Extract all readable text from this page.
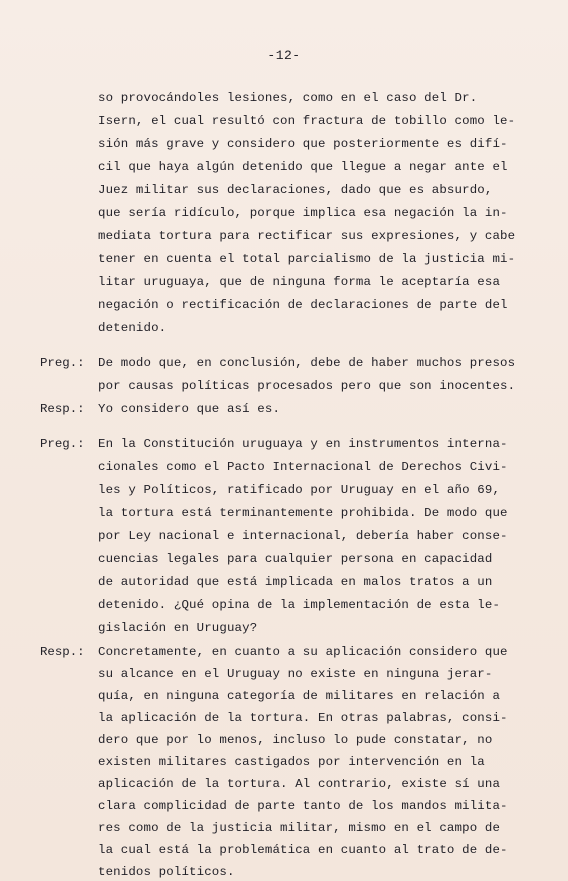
-12-
so provocándoles lesiones, como en el caso del Dr.
Isern, el cual resultó con fractura de tobillo como le-
sión más grave y considero que posteriormente es difí-
cil que haya algún detenido que llegue a negar ante el
Juez militar sus declaraciones, dado que es absurdo,
que sería ridículo, porque implica esa negación la in-
mediata tortura para rectificar sus expresiones, y cabe
tener en cuenta el total parcialismo de la justicia mi-
litar uruguaya, que de ninguna forma le aceptaría esa
negación o rectificación de declaraciones de parte del
detenido.
Preg.:	De modo que, en conclusión, debe de haber muchos presos
por causas políticas procesados pero que son inocentes.
Resp.:	Yo considero que así es.
Preg.:	En la Constitución uruguaya y en instrumentos interna-
cionales como el Pacto Internacional de Derechos Civi-
les y Políticos, ratificado por Uruguay en el año 69,
la tortura está terminantemente prohibida. De modo que
por Ley nacional e internacional, debería haber conse-
cuencias legales para cualquier persona en capacidad
de autoridad que está implicada en malos tratos a un
detenido. ¿Qué opina de la implementación de esta le-
gislación en Uruguay?
Resp.:	Concretamente, en cuanto a su aplicación considero que
su alcance en el Uruguay no existe en ninguna jerar-
quía, en ninguna categoría de militares en relación a
la aplicación de la tortura. En otras palabras, consi-
dero que por lo menos, incluso lo pude constatar, no
existen militares castigados por intervención en la
aplicación de la tortura. Al contrario, existe sí una
clara complicidad de parte tanto de los mandos milita-
res como de la justicia militar, mismo en el campo de
la cual está la problemática en cuanto al trato de de-
tenidos políticos.
